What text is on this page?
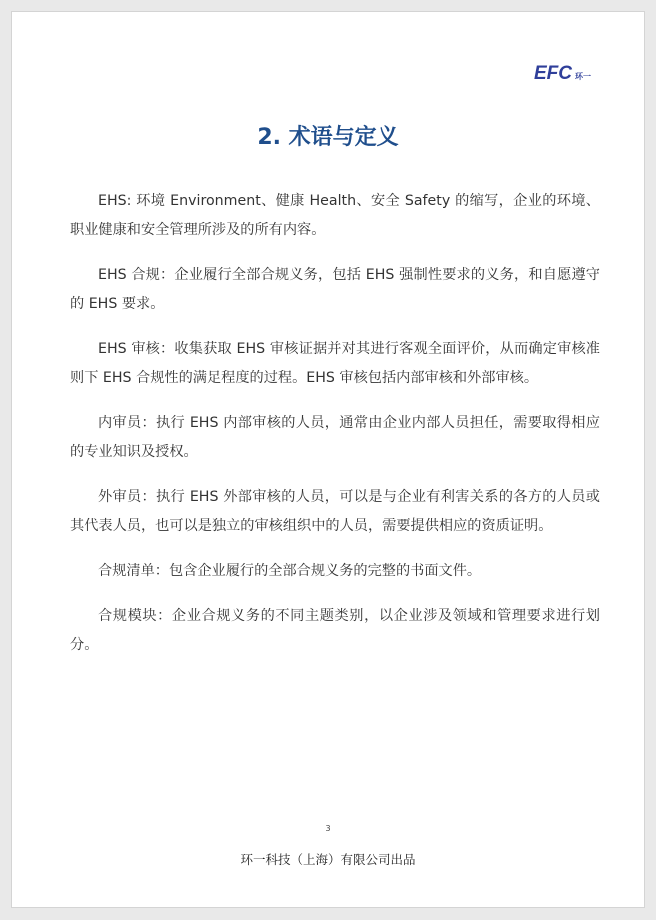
EFC 环一
2. 术语与定义

EHS: 环境 Environment、健康 Health、安全 Safety 的缩写，企业的环境、职业健康和安全管理所涉及的所有内容。

EHS 合规：企业履行全部合规义务，包括 EHS 强制性要求的义务，和自愿遵守的 EHS 要求。

EHS 审核：收集获取 EHS 审核证据并对其进行客观全面评价，从而确定审核准则下 EHS 合规性的满足程度的过程。EHS 审核包括内部审核和外部审核。

内审员：执行 EHS 内部审核的人员，通常由企业内部人员担任，需要取得相应的专业知识及授权。

外审员：执行 EHS 外部审核的人员，可以是与企业有利害关系的各方的人员或其代表人员，也可以是独立的审核组织中的人员，需要提供相应的资质证明。

合规清单：包含企业履行的全部合规义务的完整的书面文件。

合规模块：企业合规义务的不同主题类别，以企业涉及领域和管理要求进行划分。

3
环一科技（上海）有限公司出品
